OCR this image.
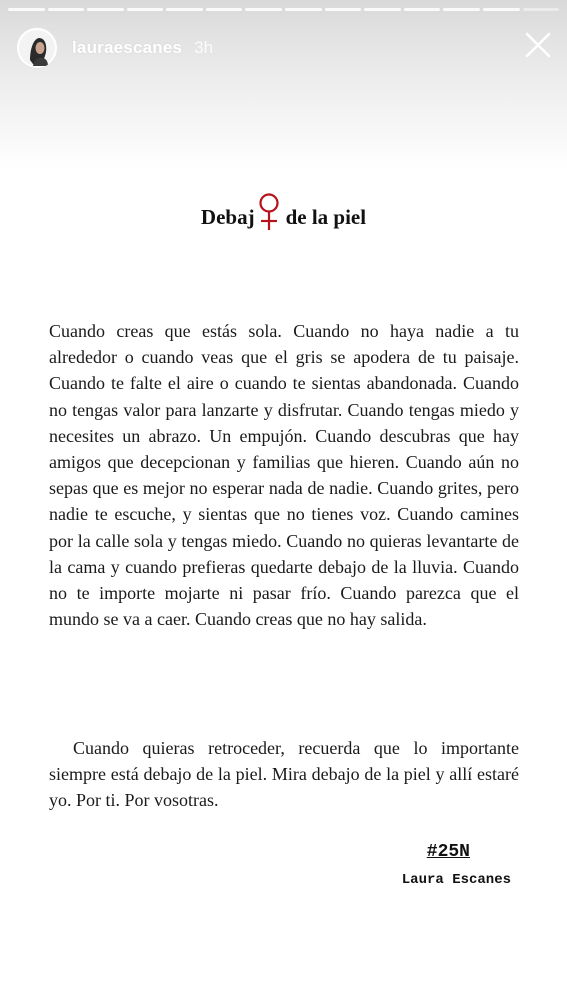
lauraescanes 3h
Debaj de la piel

Cuando creas que estás sola. Cuando no haya nadie a tu alrededor o cuando veas que el gris se apodera de tu paisaje. Cuando te falte el aire o cuando te sientas abandonada. Cuando no tengas valor para lanzarte y disfrutar. Cuando tengas miedo y necesites un abrazo. Un empujón. Cuando descubras que hay amigos que decepcionan y familias que hieren. Cuando aún no sepas que es mejor no esperar nada de nadie. Cuando grites, pero nadie te escuche, y sientas que no tienes voz. Cuando camines por la calle sola y tengas miedo. Cuando no quieras levantarte de la cama y cuando prefieras quedarte debajo de la lluvia. Cuando no te importe mojarte ni pasar frío. Cuando parezca que el mundo se va a caer. Cuando creas que no hay salida.

Cuando quieras retroceder, recuerda que lo importante siempre está debajo de la piel. Mira debajo de la piel y allí estaré yo. Por ti. Por vosotras.

#25N
Laura Escanes
